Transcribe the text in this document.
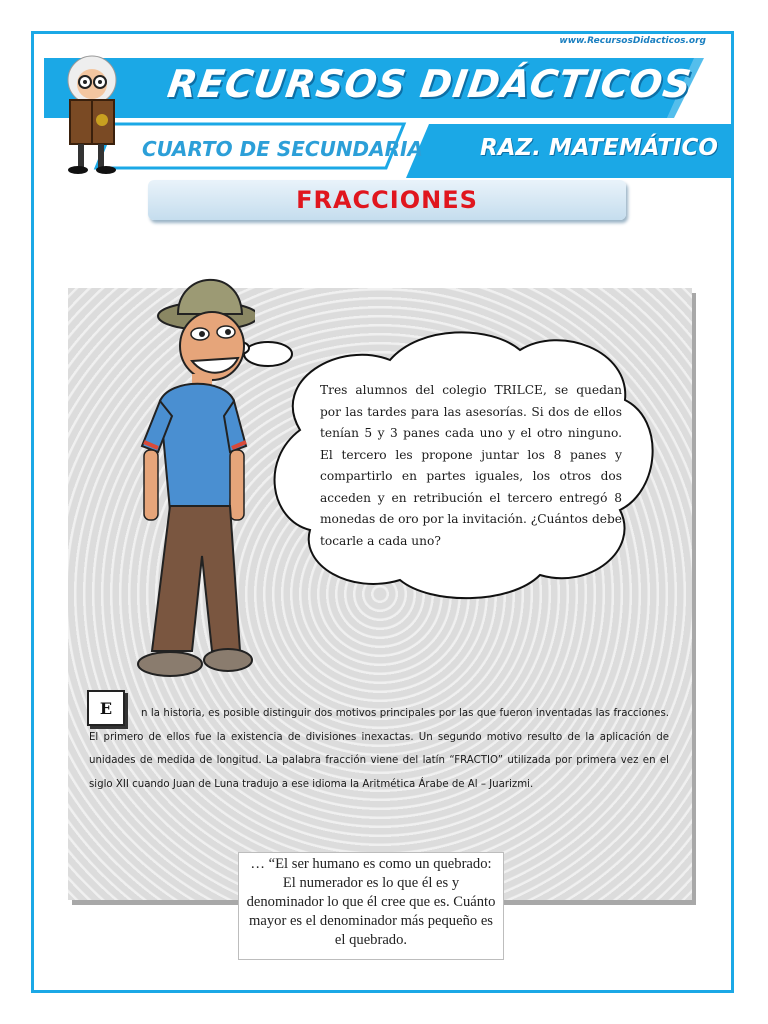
www.RecursosDidacticos.org
RECURSOS DIDÁCTICOS
CUARTO DE SECUNDARIA RAZ. MATEMÁTICO
FRACCIONES
Tres alumnos del colegio TRILCE, se quedan por las tardes para las asesorías. Si dos de ellos tenían 5 y 3 panes cada uno y el otro ninguno. El tercero les propone juntar los 8 panes y compartirlo en partes iguales, los otros dos acceden y en retribución el tercero entregó 8 monedas de oro por la invitación. ¿Cuántos debe tocarle a cada uno?
E	n la historia, es posible distinguir dos motivos principales por las que fueron inventadas las fracciones. El primero de ellos fue la existencia de divisiones inexactas. Un segundo motivo resulto de la aplicación de unidades de medida de longitud. La palabra fracción viene del latín “FRACTIO” utilizada por primera vez en el siglo XII cuando Juan de Luna tradujo a ese idioma la Aritmética Árabe de Al – Juarizmi.
… “El ser humano es como un quebrado: El numerador es lo que él es y denominador lo que él cree que es. Cuánto mayor es el denominador más pequeño es el quebrado.
